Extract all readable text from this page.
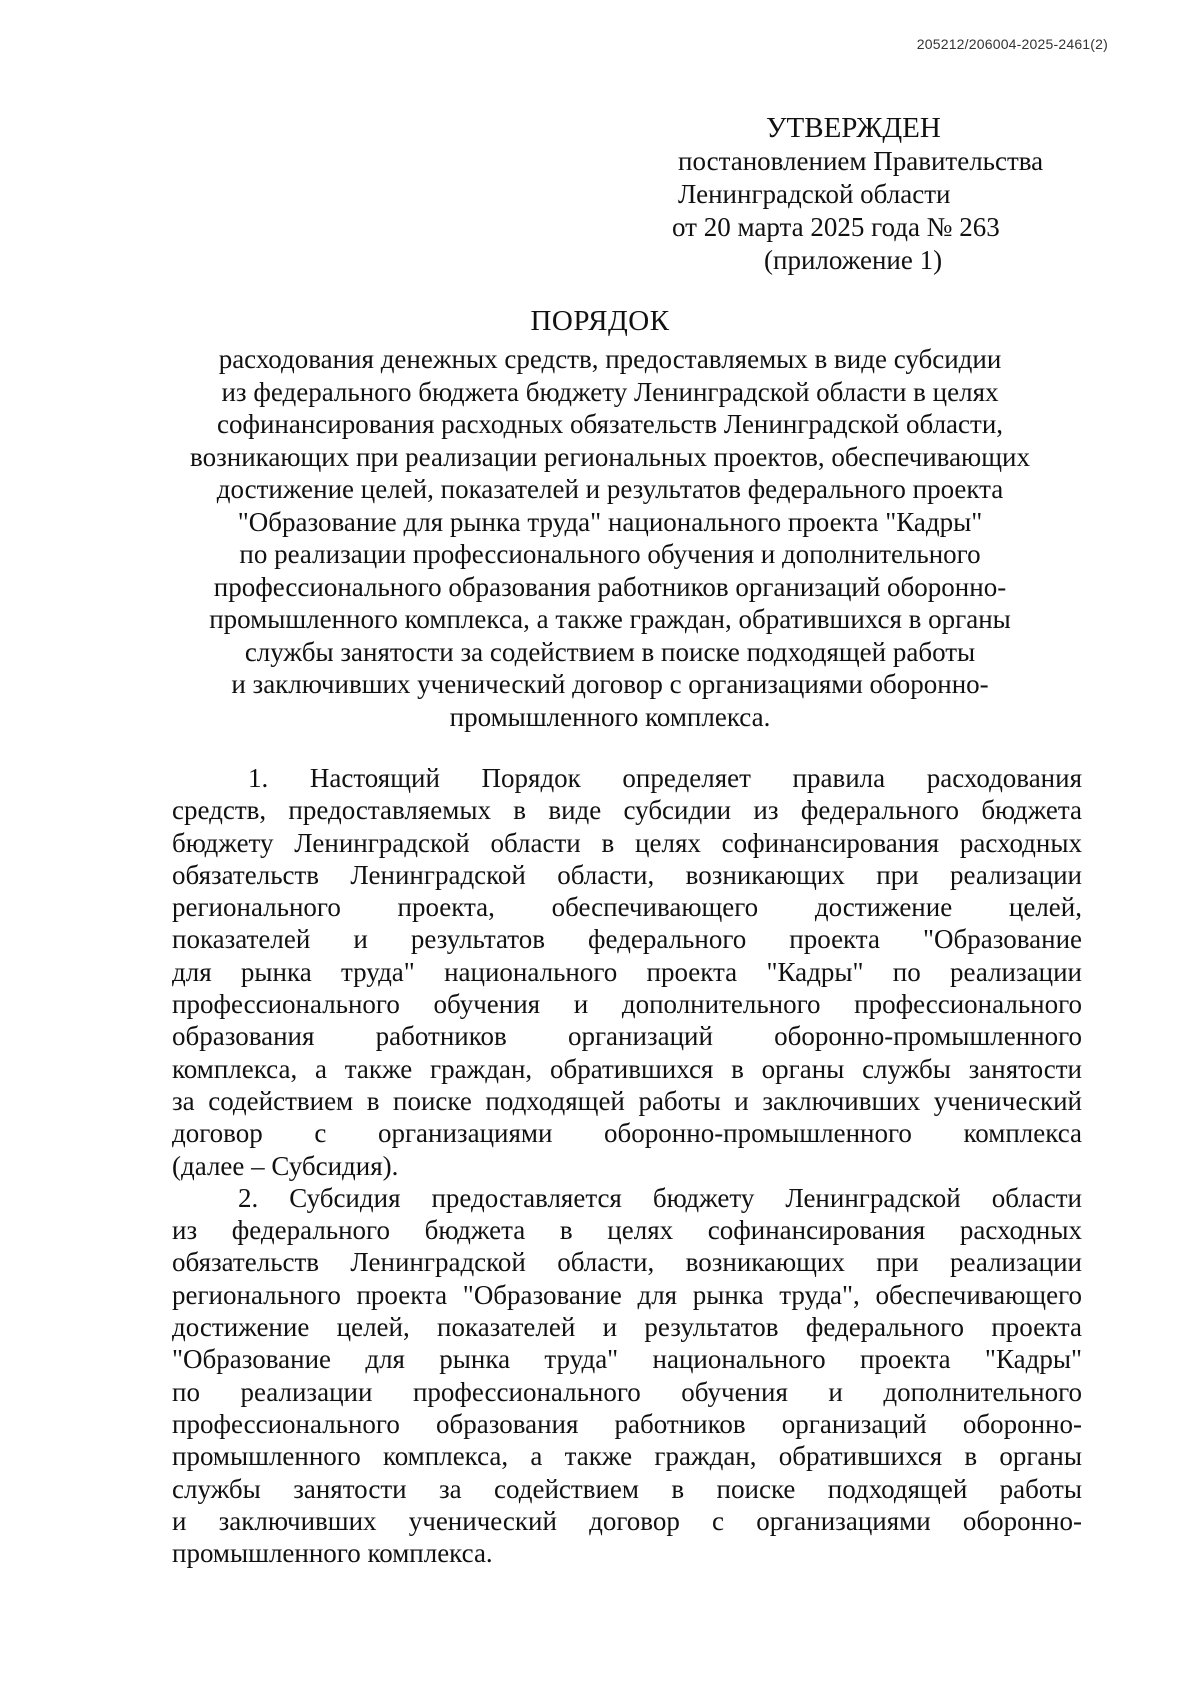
205212/206004-2025-2461(2)
УТВЕРЖДЕН
постановлением Правительства
Ленинградской области
от 20 марта 2025 года № 263
(приложение 1)
ПОРЯДОК
расходования денежных средств, предоставляемых в виде субсидии
из федерального бюджета бюджету Ленинградской области в целях
софинансирования расходных обязательств Ленинградской области,
возникающих при реализации региональных проектов, обеспечивающих
достижение целей, показателей и результатов федерального проекта
"Образование для рынка труда" национального проекта "Кадры"
по реализации профессионального обучения и дополнительного
профессионального образования работников организаций оборонно-
промышленного комплекса, а также граждан, обратившихся в органы
службы занятости за содействием в поиске подходящей работы
и заключивших ученический договор с организациями оборонно-
промышленного комплекса.
1. Настоящий Порядок определяет правила расходования
средств, предоставляемых в виде субсидии из федерального бюджета
бюджету Ленинградской области в целях софинансирования расходных
обязательств Ленинградской области, возникающих при реализации
регионального проекта, обеспечивающего достижение целей,
показателей и результатов федерального проекта "Образование
для рынка труда" национального проекта "Кадры" по реализации
профессионального обучения и дополнительного профессионального
образования работников организаций оборонно-промышленного
комплекса, а также граждан, обратившихся в органы службы занятости
за содействием в поиске подходящей работы и заключивших ученический
договор с организациями оборонно-промышленного комплекса
(далее – Субсидия).
2. Субсидия предоставляется бюджету Ленинградской области
из федерального бюджета в целях софинансирования расходных
обязательств Ленинградской области, возникающих при реализации
регионального проекта "Образование для рынка труда", обеспечивающего
достижение целей, показателей и результатов федерального проекта
"Образование для рынка труда" национального проекта "Кадры"
по реализации профессионального обучения и дополнительного
профессионального образования работников организаций оборонно-
промышленного комплекса, а также граждан, обратившихся в органы
службы занятости за содействием в поиске подходящей работы
и заключивших ученический договор с организациями оборонно-
промышленного комплекса.
